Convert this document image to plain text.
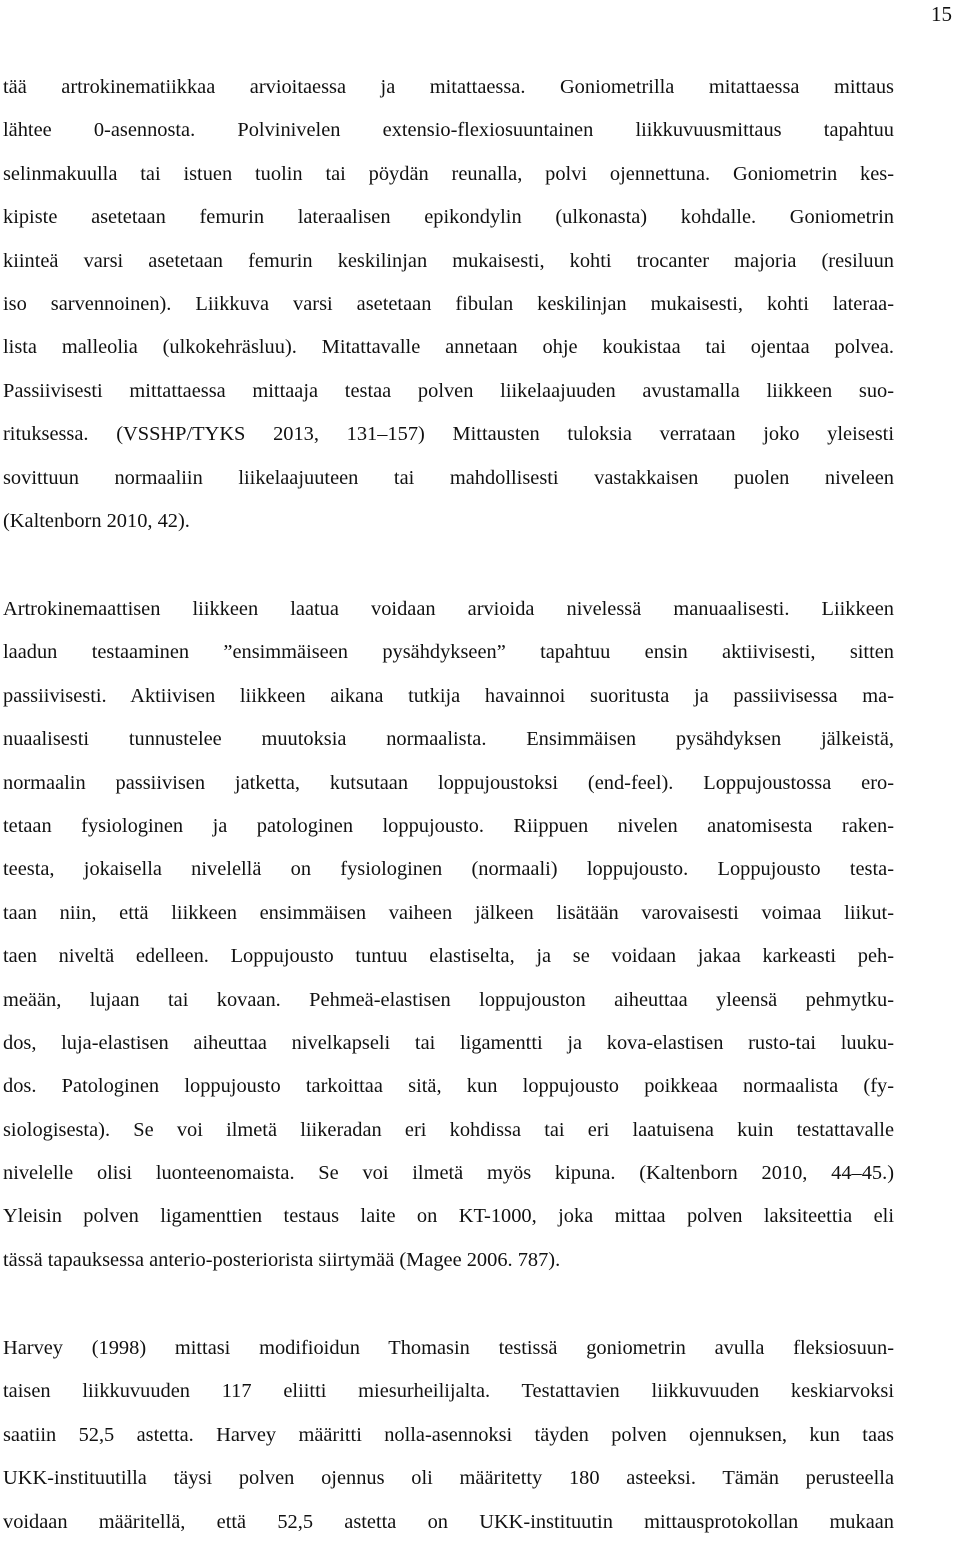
15
tää artrokinematiikkaa arvioitaessa ja mitattaessa. Goniometrilla mitattaessa mittaus
lähtee 0-asennosta. Polvinivelen extensio-flexiosuuntainen liikkuvuusmittaus tapahtuu
selinmakuulla tai istuen tuolin tai pöydän reunalla, polvi ojennettuna. Goniometrin kes-
kipiste asetetaan femurin lateraalisen epikondylin (ulkonasta) kohdalle. Goniometrin
kiinteä varsi asetetaan femurin keskilinjan mukaisesti, kohti trocanter majoria (resiluun
iso sarvennoinen). Liikkuva varsi asetetaan fibulan keskilinjan mukaisesti, kohti lateraa-
lista malleolia (ulkokehräsluu). Mitattavalle annetaan ohje koukistaa tai ojentaa polvea.
Passiivisesti mittattaessa mittaaja testaa polven liikelaajuuden avustamalla liikkeen suo-
rituksessa. (VSSHP/TYKS 2013, 131–157) Mittausten tuloksia verrataan joko yleisesti
sovittuun normaaliin liikelaajuuteen tai mahdollisesti vastakkaisen puolen niveleen
(Kaltenborn 2010, 42).
Artrokinemaattisen liikkeen laatua voidaan arvioida nivelessä manuaalisesti. Liikkeen
laadun testaaminen ”ensimmäiseen pysähdykseen” tapahtuu ensin aktiivisesti, sitten
passiivisesti. Aktiivisen liikkeen aikana tutkija havainnoi suoritusta ja passiivisessa ma-
nuaalisesti tunnustelee muutoksia normaalista. Ensimmäisen pysähdyksen jälkeistä,
normaalin passiivisen jatketta, kutsutaan loppujoustoksi (end-feel). Loppujoustossa ero-
tetaan fysiologinen ja patologinen loppujousto. Riippuen nivelen anatomisesta raken-
teesta, jokaisella nivelellä on fysiologinen (normaali) loppujousto. Loppujousto testa-
taan niin, että liikkeen ensimmäisen vaiheen jälkeen lisätään varovaisesti voimaa liikut-
taen niveltä edelleen. Loppujousto tuntuu elastiselta, ja se voidaan jakaa karkeasti peh-
meään, lujaan tai kovaan. Pehmeä-elastisen loppujouston aiheuttaa yleensä pehmytku-
dos, luja-elastisen aiheuttaa nivelkapseli tai ligamentti ja kova-elastisen rusto-tai luuku-
dos. Patologinen loppujousto tarkoittaa sitä, kun loppujousto poikkeaa normaalista (fy-
siologisesta). Se voi ilmetä liikeradan eri kohdissa tai eri laatuisena kuin testattavalle
nivelelle olisi luonteenomaista. Se voi ilmetä myös kipuna. (Kaltenborn 2010, 44–45.)
Yleisin polven ligamenttien testaus laite on KT-1000, joka mittaa polven laksiteettia eli
tässä tapauksessa anterio-posteriorista siirtymää (Magee 2006. 787).
Harvey (1998) mittasi modifioidun Thomasin testissä goniometrin avulla fleksiosuun-
taisen liikkuvuuden 117 eliitti miesurheilijalta. Testattavien liikkuvuuden keskiarvoksi
saatiin 52,5 astetta. Harvey määritti nolla-asennoksi täyden polven ojennuksen, kun taas
UKK-instituutilla täysi polven ojennus oli määritetty 180 asteeksi. Tämän perusteella
voidaan määritellä, että 52,5 astetta on UKK-instituutin mittausprotokollan mukaan
